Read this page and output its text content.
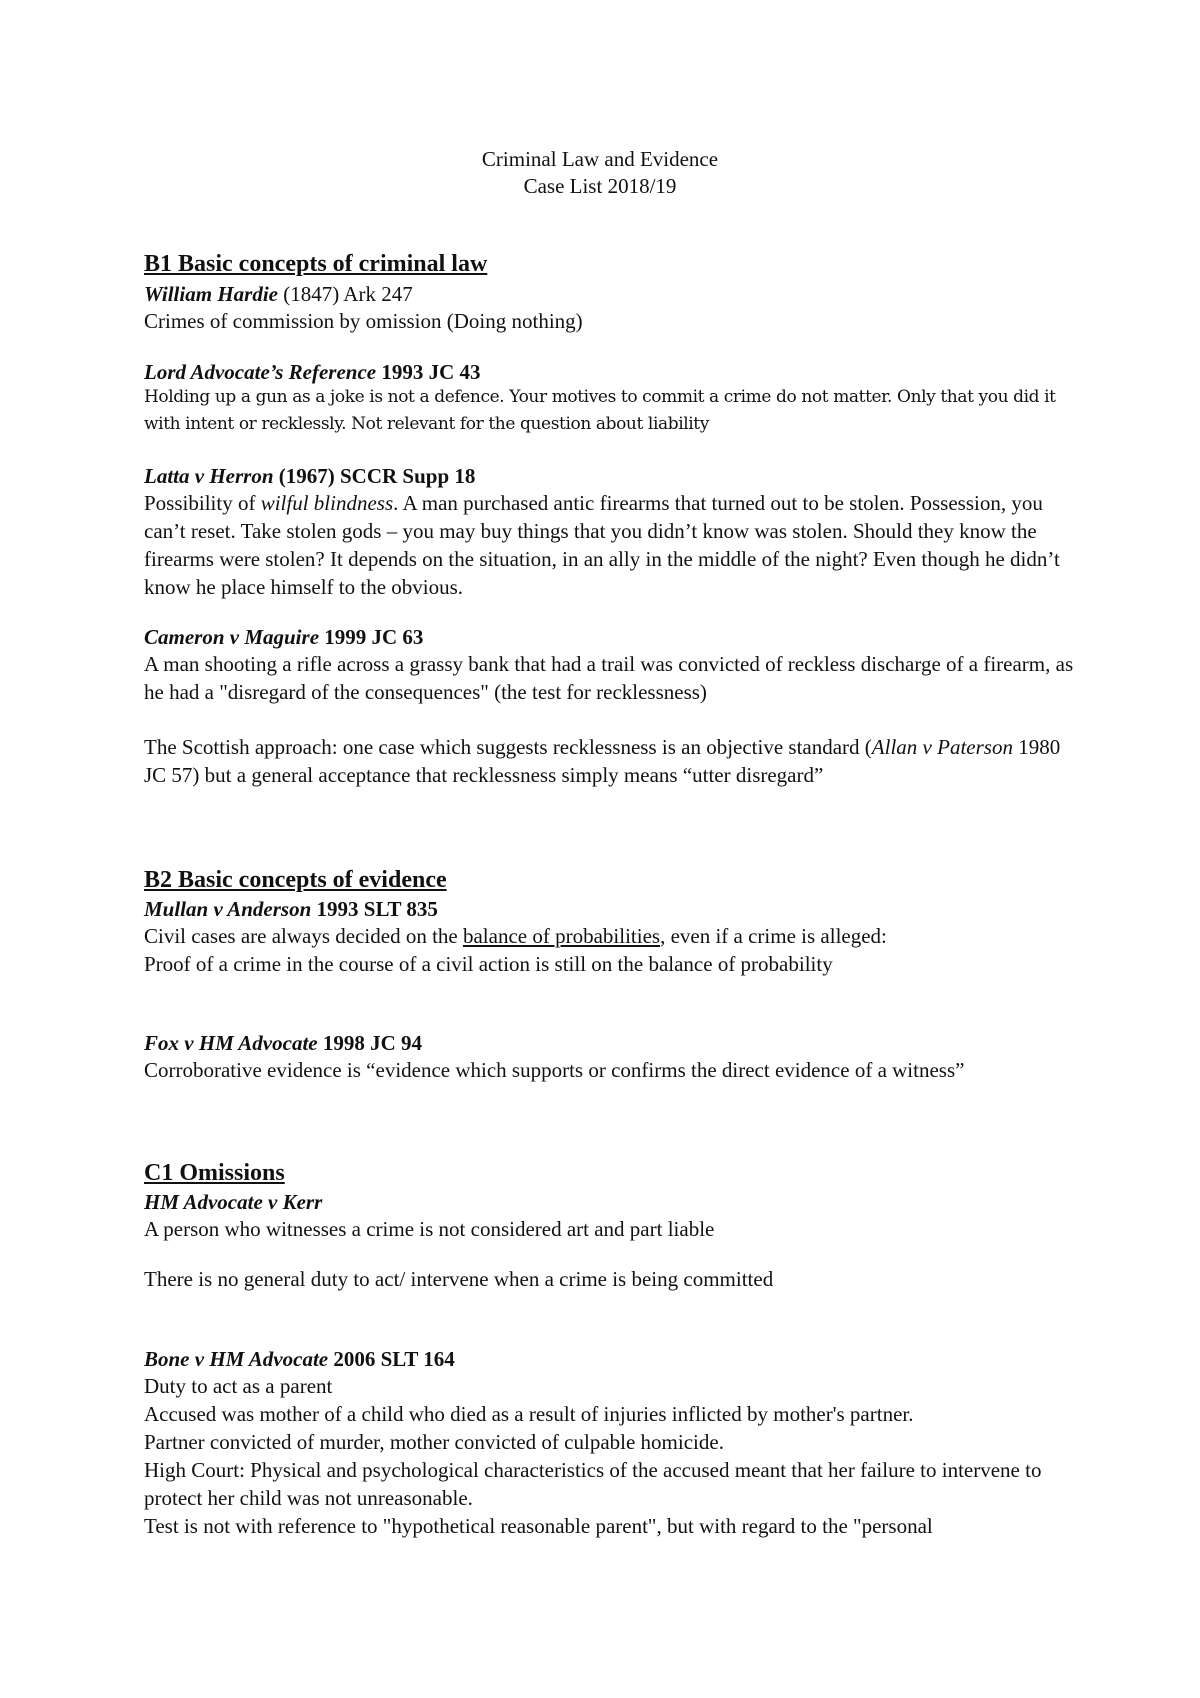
Criminal Law and Evidence
Case List 2018/19
B1 Basic concepts of criminal law
William Hardie (1847) Ark 247
Crimes of commission by omission (Doing nothing)
Lord Advocate’s Reference 1993 JC 43
Holding up a gun as a joke is not a defence. Your motives to commit a crime do not matter. Only that you did it with intent or recklessly. Not relevant for the question about liability
Latta v Herron (1967) SCCR Supp 18
Possibility of wilful blindness. A man purchased antic firearms that turned out to be stolen. Possession, you can’t reset. Take stolen gods – you may buy things that you didn’t know was stolen. Should they know the firearms were stolen? It depends on the situation, in an ally in the middle of the night? Even though he didn’t know he place himself to the obvious.
Cameron v Maguire 1999 JC 63
A man shooting a rifle across a grassy bank that had a trail was convicted of reckless discharge of a firearm, as he had a "disregard of the consequences" (the test for recklessness)
The Scottish approach: one case which suggests recklessness is an objective standard (Allan v Paterson 1980 JC 57) but a general acceptance that recklessness simply means “utter disregard”
B2 Basic concepts of evidence
Mullan v Anderson 1993 SLT 835
Civil cases are always decided on the balance of probabilities, even if a crime is alleged:
Proof of a crime in the course of a civil action is still on the balance of probability
Fox v HM Advocate 1998 JC 94
Corroborative evidence is “evidence which supports or confirms the direct evidence of a witness”
C1 Omissions
HM Advocate v Kerr
A person who witnesses a crime is not considered art and part liable
There is no general duty to act/ intervene when a crime is being committed
Bone v HM Advocate 2006 SLT 164
Duty to act as a parent
Accused was mother of a child who died as a result of injuries inflicted by mother's partner.
Partner convicted of murder, mother convicted of culpable homicide.
High Court: Physical and psychological characteristics of the accused meant that her failure to intervene to protect her child was not unreasonable.
Test is not with reference to "hypothetical reasonable parent", but with regard to the "personal
